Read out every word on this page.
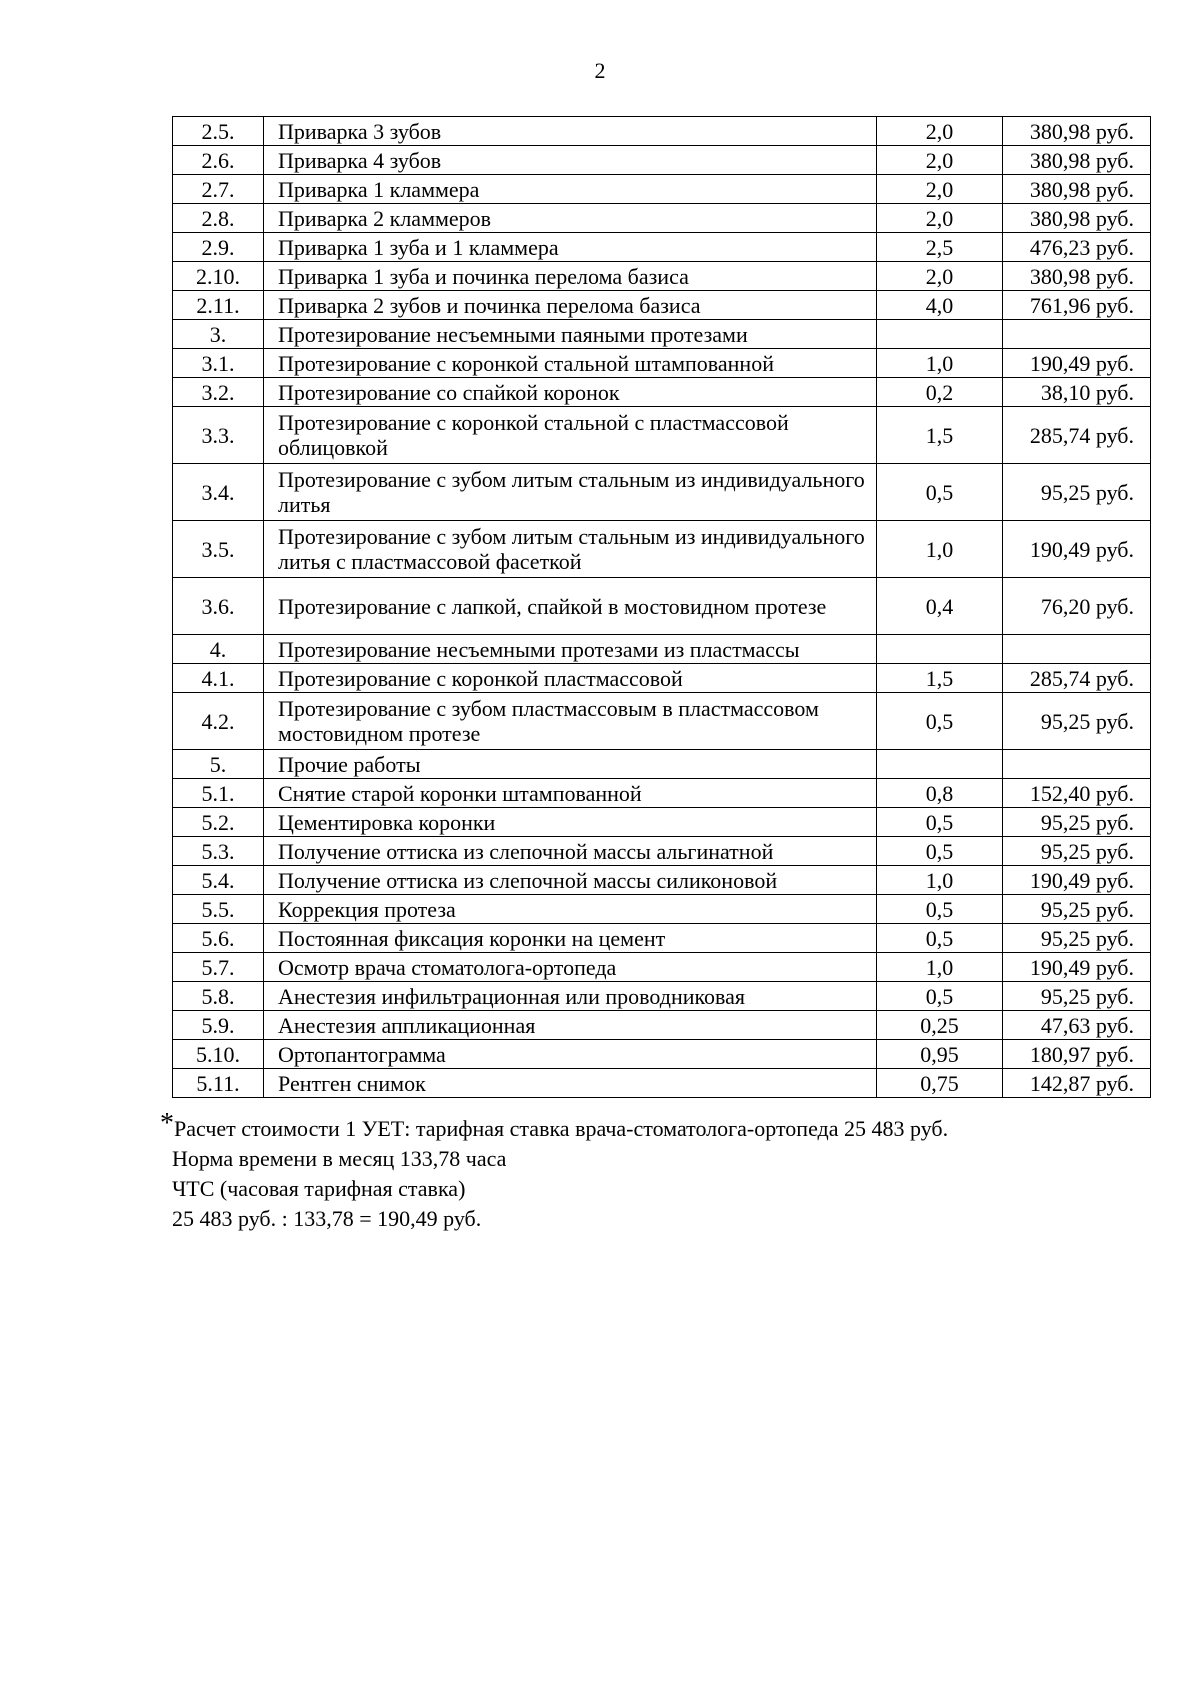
2
2.5.	Приварка 3 зубов	2,0	380,98 руб.
2.6.	Приварка 4 зубов	2,0	380,98 руб.
2.7.	Приварка 1 кламмера	2,0	380,98 руб.
2.8.	Приварка 2 кламмеров	2,0	380,98 руб.
2.9.	Приварка 1 зуба и 1 кламмера	2,5	476,23 руб.
2.10.	Приварка 1 зуба и починка перелома базиса	2,0	380,98 руб.
2.11.	Приварка 2 зубов и починка перелома базиса	4,0	761,96 руб.
3.	Протезирование несъемными паяными протезами		
3.1.	Протезирование с коронкой стальной штампованной	1,0	190,49 руб.
3.2.	Протезирование со спайкой коронок	0,2	38,10 руб.
3.3.	Протезирование с коронкой стальной с пластмассовой облицовкой	1,5	285,74 руб.
3.4.	Протезирование с зубом литым стальным из индивидуального литья	0,5	95,25 руб.
3.5.	Протезирование с зубом литым стальным из индивидуального литья с пластмассовой фасеткой	1,0	190,49 руб.
3.6.	Протезирование с лапкой, спайкой в мостовидном протезе	0,4	76,20 руб.
4.	Протезирование несъемными протезами из пластмассы		
4.1.	Протезирование с коронкой пластмассовой	1,5	285,74 руб.
4.2.	Протезирование с зубом пластмассовым в пластмассовом мостовидном протезе	0,5	95,25 руб.
5.	Прочие работы		
5.1.	Снятие старой коронки штампованной	0,8	152,40 руб.
5.2.	Цементировка коронки	0,5	95,25 руб.
5.3.	Получение оттиска из слепочной массы альгинатной	0,5	95,25 руб.
5.4.	Получение оттиска из слепочной массы силиконовой	1,0	190,49 руб.
5.5.	Коррекция протеза	0,5	95,25 руб.
5.6.	Постоянная фиксация коронки на цемент	0,5	95,25 руб.
5.7.	Осмотр врача стоматолога-ортопеда	1,0	190,49 руб.
5.8.	Анестезия инфильтрационная или проводниковая	0,5	95,25 руб.
5.9.	Анестезия аппликационная	0,25	47,63 руб.
5.10.	Ортопантограмма	0,95	180,97 руб.
5.11.	Рентген снимок	0,75	142,87 руб.
*Расчет стоимости 1 УЕТ: тарифная ставка врача-стоматолога-ортопеда 25 483 руб.
Норма времени в месяц 133,78 часа
ЧТС (часовая тарифная ставка)
25 483 руб. : 133,78 = 190,49 руб.
